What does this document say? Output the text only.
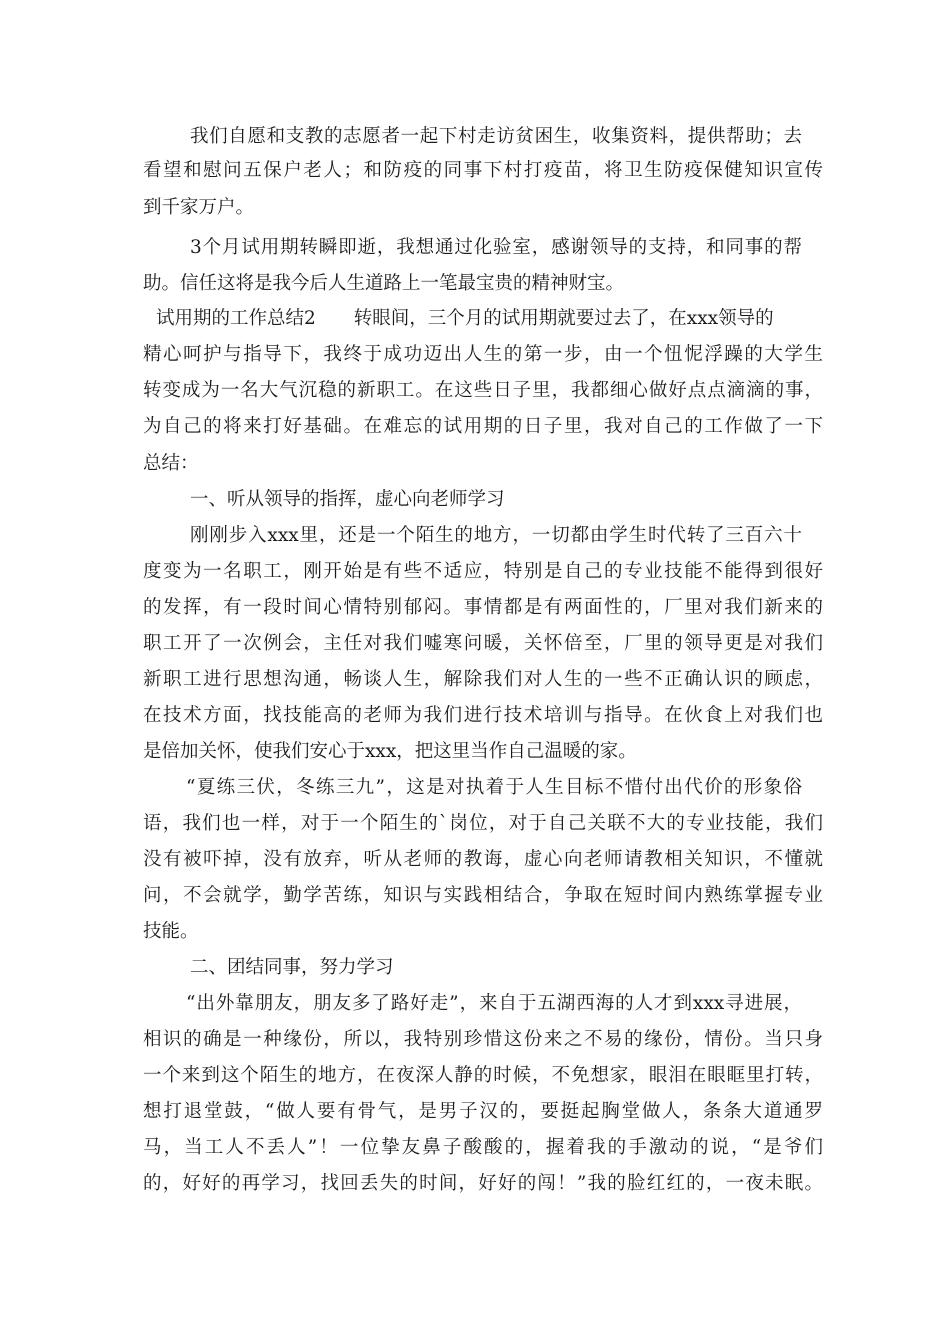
我们自愿和支教的志愿者一起下村走访贫困生，收集资料，提供帮助；去
看望和慰问五保户老人；和防疫的同事下村打疫苗，将卫生防疫保健知识宣传
到千家万户。
3个月试用期转瞬即逝，我想通过化验室，感谢领导的支持，和同事的帮
助。信任这将是我今后人生道路上一笔最宝贵的精神财宝。
试用期的工作总结2 转眼间，三个月的试用期就要过去了，在xxx领导的
精心呵护与指导下，我终于成功迈出人生的第一步，由一个忸怩浮躁的大学生
转变成为一名大气沉稳的新职工。在这些日子里，我都细心做好点点滴滴的事，
为自己的将来打好基础。在难忘的试用期的日子里，我对自己的工作做了一下
总结：
一、听从领导的指挥，虚心向老师学习
刚刚步入xxx里，还是一个陌生的地方，一切都由学生时代转了三百六十
度变为一名职工，刚开始是有些不适应，特别是自己的专业技能不能得到很好
的发挥，有一段时间心情特别郁闷。事情都是有两面性的，厂里对我们新来的
职工开了一次例会，主任对我们嘘寒问暖，关怀倍至，厂里的领导更是对我们
新职工进行思想沟通，畅谈人生，解除我们对人生的一些不正确认识的顾虑，
在技术方面，找技能高的老师为我们进行技术培训与指导。在伙食上对我们也
是倍加关怀，使我们安心于xxx，把这里当作自己温暖的家。
“夏练三伏，冬练三九”，这是对执着于人生目标不惜付出代价的形象俗
语，我们也一样，对于一个陌生的`岗位，对于自己关联不大的专业技能，我们
没有被吓掉，没有放弃，听从老师的教诲，虚心向老师请教相关知识，不懂就
问，不会就学，勤学苦练，知识与实践相结合，争取在短时间内熟练掌握专业
技能。
二、团结同事，努力学习
“出外靠朋友，朋友多了路好走”，来自于五湖西海的人才到xxx寻进展，
相识的确是一种缘份，所以，我特别珍惜这份来之不易的缘份，情份。当只身
一个来到这个陌生的地方，在夜深人静的时候，不免想家，眼泪在眼眶里打转，
想打退堂鼓，“做人要有骨气，是男子汉的，要挺起胸堂做人，条条大道通罗
马，当工人不丢人”！一位挚友鼻子酸酸的，握着我的手激动的说，“是爷们
的，好好的再学习，找回丢失的时间，好好的闯！”我的脸红红的，一夜未眠。
